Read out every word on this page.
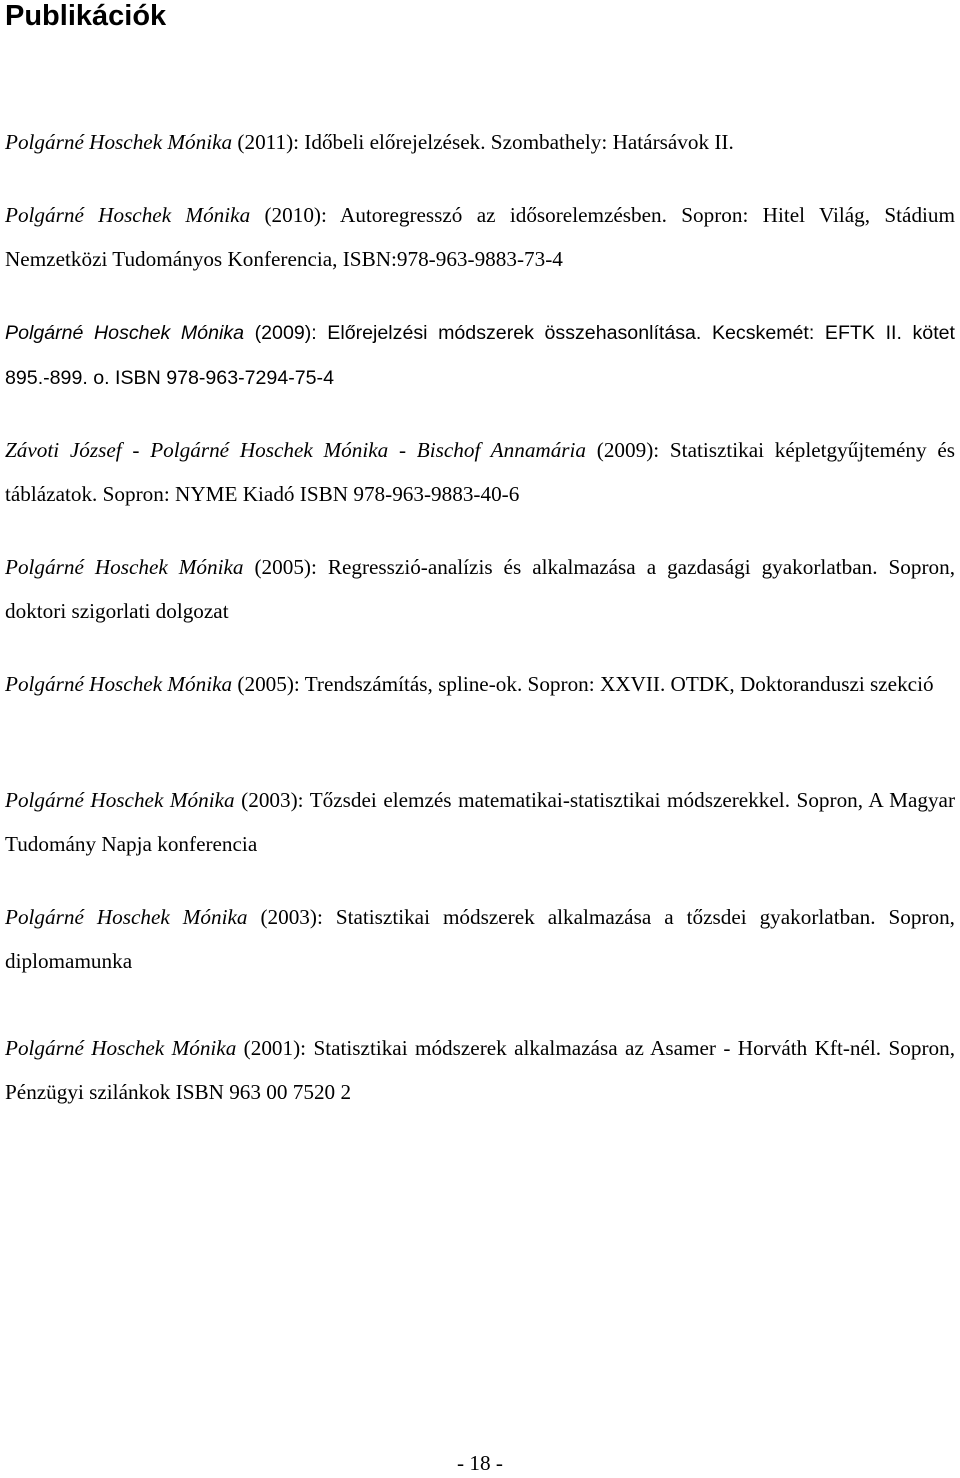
Publikációk

Polgárné Hoschek Mónika (2011): Időbeli előrejelzések. Szombathely: Határsávok II.

Polgárné Hoschek Mónika (2010): Autoregresszó az idősorelemzésben. Sopron: Hitel Világ, Stádium Nemzetközi Tudományos Konferencia, ISBN:978-963-9883-73-4

Polgárné Hoschek Mónika (2009): Előrejelzési módszerek összehasonlítása. Kecskemét: EFTK II. kötet 895.-899. o. ISBN 978-963-7294-75-4

Závoti József - Polgárné Hoschek Mónika - Bischof Annamária (2009): Statisztikai képletgyűjtemény és táblázatok. Sopron: NYME Kiadó ISBN 978-963-9883-40-6

Polgárné Hoschek Mónika (2005): Regresszió-analízis és alkalmazása a gazdasági gyakorlatban. Sopron, doktori szigorlati dolgozat

Polgárné Hoschek Mónika (2005): Trendszámítás, spline-ok. Sopron: XXVII. OTDK, Doktoranduszi szekció

Polgárné Hoschek Mónika (2003): Tőzsdei elemzés matematikai-statisztikai módszerekkel. Sopron, A Magyar Tudomány Napja konferencia

Polgárné Hoschek Mónika (2003): Statisztikai módszerek alkalmazása a tőzsdei gyakorlatban. Sopron, diplomamunka

Polgárné Hoschek Mónika (2001): Statisztikai módszerek alkalmazása az Asamer - Horváth Kft-nél. Sopron, Pénzügyi szilánkok ISBN 963 00 7520 2

- 18 -
